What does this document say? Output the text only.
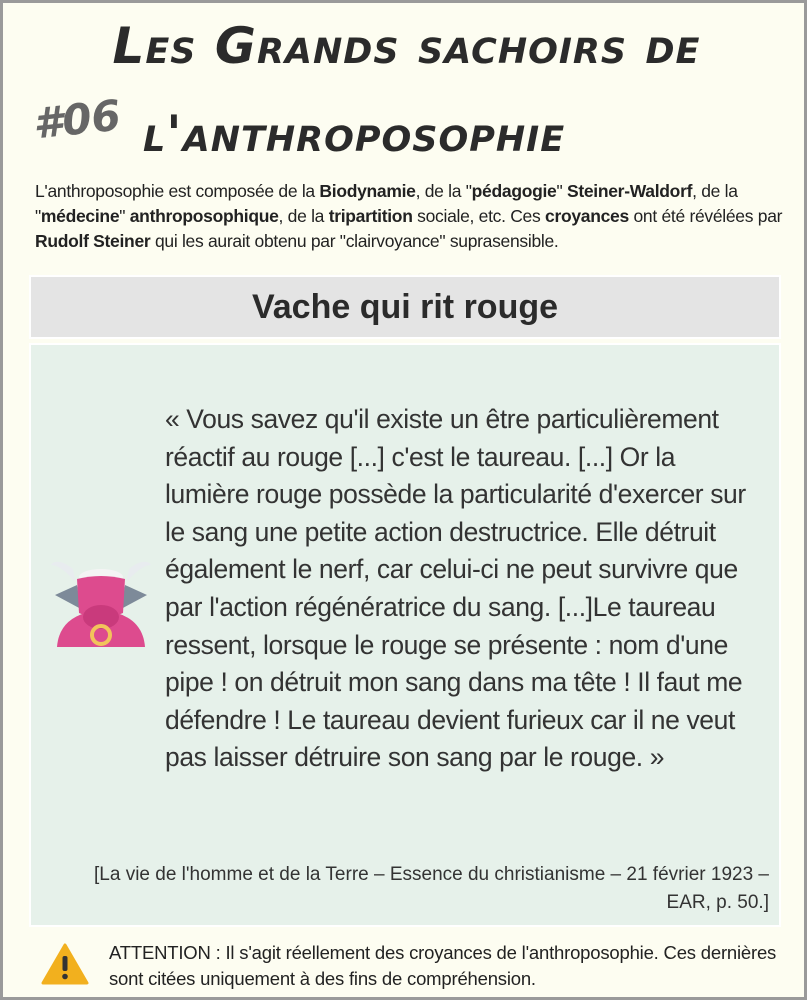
Les Grands sachoirs de
#06 l'anthroposophie
L'anthroposophie est composée de la Biodynamie, de la "pédagogie" Steiner-Waldorf, de la "médecine" anthroposophique, de la tripartition sociale, etc. Ces croyances ont été révélées par Rudolf Steiner qui les aurait obtenu par "clairvoyance" suprasensible.
Vache qui rit rouge
« Vous savez qu'il existe un être particulièrement réactif au rouge [...] c'est le taureau. [...] Or la lumière rouge possède la particularité d'exercer sur le sang une petite action destructrice. Elle détruit également le nerf, car celui-ci ne peut survivre que par l'action régénératrice du sang. [...]Le taureau ressent, lorsque le rouge se présente : nom d'une pipe ! on détruit mon sang dans ma tête ! Il faut me défendre ! Le taureau devient furieux car il ne veut pas laisser détruire son sang par le rouge. »
[La vie de l'homme et de la Terre – Essence du christianisme – 21 février 1923 – EAR, p. 50.]
ATTENTION : Il s'agit réellement des croyances de l'anthroposophie. Ces dernières sont citées uniquement à des fins de compréhension.
